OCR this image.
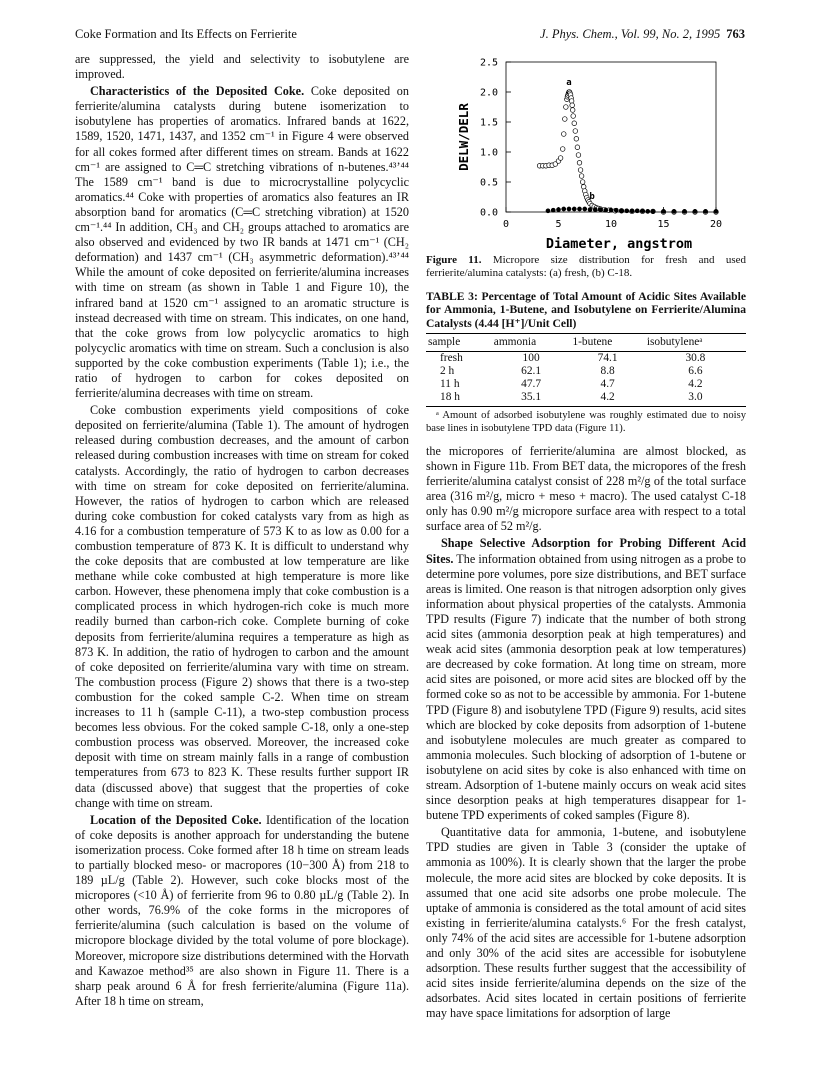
Coke Formation and Its Effects on Ferrierite	J. Phys. Chem., Vol. 99, No. 2, 1995 763

are suppressed, the yield and selectivity to isobutylene are improved.

Characteristics of the Deposited Coke. Coke deposited on ferrierite/alumina catalysts during butene isomerization to isobutylene has properties of aromatics. Infrared bands at 1622, 1589, 1520, 1471, 1437, and 1352 cm⁻¹ in Figure 4 were observed for all cokes formed after different times on stream. Bands at 1622 cm⁻¹ are assigned to C═C stretching vibrations of n-butenes.⁴³ʼ⁴⁴ The 1589 cm⁻¹ band is due to microcrystalline polycyclic aromatics.⁴⁴ Coke with properties of aromatics also features an IR absorption band for aromatics (C═C stretching vibration) at 1520 cm⁻¹.⁴⁴ In addition, CH₃ and CH₂ groups attached to aromatics are also observed and evidenced by two IR bands at 1471 cm⁻¹ (CH₂ deformation) and 1437 cm⁻¹ (CH₃ asymmetric deformation).⁴³ʼ⁴⁴ While the amount of coke deposited on ferrierite/alumina increases with time on stream (as shown in Table 1 and Figure 10), the infrared band at 1520 cm⁻¹ assigned to an aromatic structure is instead decreased with time on stream. This indicates, on one hand, that the coke grows from low polycyclic aromatics to high polycyclic aromatics with time on stream. Such a conclusion is also supported by the coke combustion experiments (Table 1); i.e., the ratio of hydrogen to carbon for cokes deposited on ferrierite/alumina decreases with time on stream.

Coke combustion experiments yield compositions of coke deposited on ferrierite/alumina (Table 1). The amount of hydrogen released during combustion decreases, and the amount of carbon released during combustion increases with time on stream for coked catalysts. Accordingly, the ratio of hydrogen to carbon decreases with time on stream for coke deposited on ferrierite/alumina. However, the ratios of hydrogen to carbon which are released during coke combustion for coked catalysts vary from as high as 4.16 for a combustion temperature of 573 K to as low as 0.00 for a combustion temperature of 873 K. It is difficult to understand why the coke deposits that are combusted at low temperature are like methane while coke combusted at high temperature is more like carbon. However, these phenomena imply that coke combustion is a complicated process in which hydrogen-rich coke is much more readily burned than carbon-rich coke. Complete burning of coke deposits from ferrierite/alumina requires a temperature as high as 873 K. In addition, the ratio of hydrogen to carbon and the amount of coke deposited on ferrierite/alumina vary with time on stream. The combustion process (Figure 2) shows that there is a two-step combustion for the coked sample C-2. When time on stream increases to 11 h (sample C-11), a two-step combustion process becomes less obvious. For the coked sample C-18, only a one-step combustion process was observed. Moreover, the increased coke deposit with time on stream mainly falls in a range of combustion temperatures from 673 to 823 K. These results further support IR data (discussed above) that suggest that the properties of coke change with time on stream.

Location of the Deposited Coke. Identification of the location of coke deposits is another approach for understanding the butene isomerization process. Coke formed after 18 h time on stream leads to partially blocked meso- or macropores (10−300 Å) from 218 to 189 µL/g (Table 2). However, such coke blocks most of the micropores (<10 Å) of ferrierite from 96 to 0.80 µL/g (Table 2). In other words, 76.9% of the coke forms in the micropores of ferrierite/alumina (such calculation is based on the volume of micropore blockage divided by the total volume of pore blockage). Moreover, micropore size distributions determined with the Horvath and Kawazoe method³⁵ are also shown in Figure 11. There is a sharp peak around 6 Å for fresh ferrierite/alumina (Figure 11a). After 18 h time on stream,

0	5	10	15	20
0.0
0.5
1.0
1.5
2.0
2.5
Diameter, angstrom
DELW/DELR
a
b
Figure 11. Micropore size distribution for fresh and used ferrierite/alumina catalysts: (a) fresh, (b) C-18.
TABLE 3: Percentage of Total Amount of Acidic Sites Available for Ammonia, 1-Butene, and Isobutylene on Ferrierite/Alumina Catalysts (4.44 [H⁺]/Unit Cell)
sample	ammonia	1-butene	isobutyleneᵃ
fresh	100	74.1	30.8
2 h	62.1	8.8	6.6
11 h	47.7	4.7	4.2
18 h	35.1	4.2	3.0
ᵃ Amount of adsorbed isobutylene was roughly estimated due to noisy base lines in isobutylene TPD data (Figure 11).

the micropores of ferrierite/alumina are almost blocked, as shown in Figure 11b. From BET data, the micropores of the fresh ferrierite/alumina catalyst consist of 228 m²/g of the total surface area (316 m²/g, micro + meso + macro). The used catalyst C-18 only has 0.90 m²/g micropore surface area with respect to a total surface area of 52 m²/g.

Shape Selective Adsorption for Probing Different Acid Sites. The information obtained from using nitrogen as a probe to determine pore volumes, pore size distributions, and BET surface areas is limited. One reason is that nitrogen adsorption only gives information about physical properties of the catalysts. Ammonia TPD results (Figure 7) indicate that the number of both strong acid sites (ammonia desorption peak at high temperatures) and weak acid sites (ammonia desorption peak at low temperatures) are decreased by coke formation. At long time on stream, more acid sites are poisoned, or more acid sites are blocked off by the formed coke so as not to be accessible by ammonia. For 1-butene TPD (Figure 8) and isobutylene TPD (Figure 9) results, acid sites which are blocked by coke deposits from adsorption of 1-butene and isobutylene molecules are much greater as compared to ammonia molecules. Such blocking of adsorption of 1-butene or isobutylene on acid sites by coke is also enhanced with time on stream. Adsorption of 1-butene mainly occurs on weak acid sites since desorption peaks at high temperatures disappear for 1-butene TPD experiments of coked samples (Figure 8).

Quantitative data for ammonia, 1-butene, and isobutylene TPD studies are given in Table 3 (consider the uptake of ammonia as 100%). It is clearly shown that the larger the probe molecule, the more acid sites are blocked by coke deposits. It is assumed that one acid site adsorbs one probe molecule. The uptake of ammonia is considered as the total amount of acid sites existing in ferrierite/alumina catalysts.⁶ For the fresh catalyst, only 74% of the acid sites are accessible for 1-butene adsorption and only 30% of the acid sites are accessible for isobutylene adsorption. These results further suggest that the accessibility of acid sites inside ferrierite/alumina depends on the size of the adsorbates. Acid sites located in certain positions of ferrierite may have space limitations for adsorption of large
